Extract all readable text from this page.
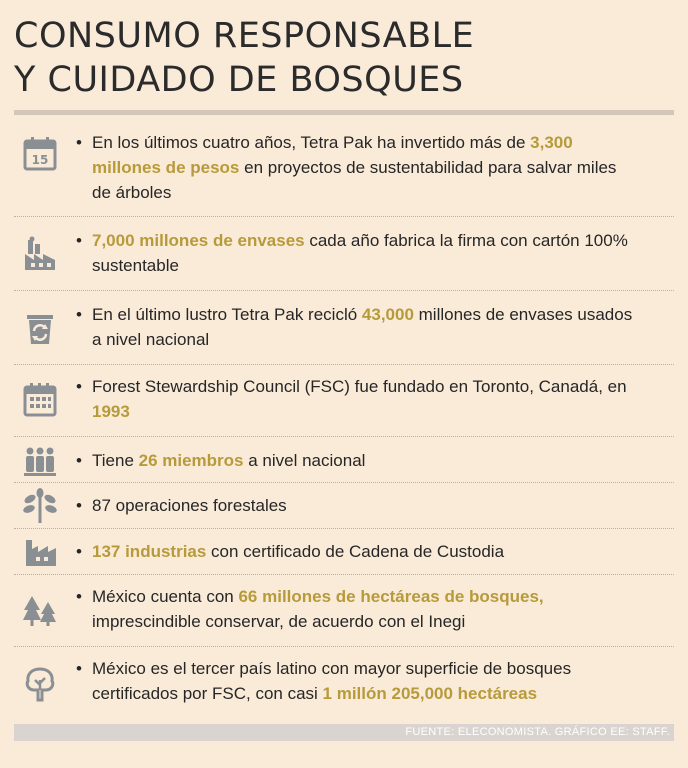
CONSUMO RESPONSABLE
Y CUIDADO DE BOSQUES
15
• En los últimos cuatro años, Tetra Pak ha invertido más de 3,300 millones de pesos en proyectos de sustentabilidad para salvar miles de árboles
• 7,000 millones de envases cada año fabrica la firma con cartón 100% sustentable
• En el último lustro Tetra Pak recicló 43,000 millones de envases usados a nivel nacional
• Forest Stewardship Council (FSC) fue fundado en Toronto, Canadá, en 1993
• Tiene 26 miembros a nivel nacional
• 87 operaciones forestales
• 137 industrias con certificado de Cadena de Custodia
• México cuenta con 66 millones de hectáreas de bosques, imprescindible conservar, de acuerdo con el Inegi
• México es el tercer país latino con mayor superficie de bosques certificados por FSC, con casi 1 millón 205,000 hectáreas
FUENTE: ELECONOMISTA. GRÁFICO EE: STAFF.
